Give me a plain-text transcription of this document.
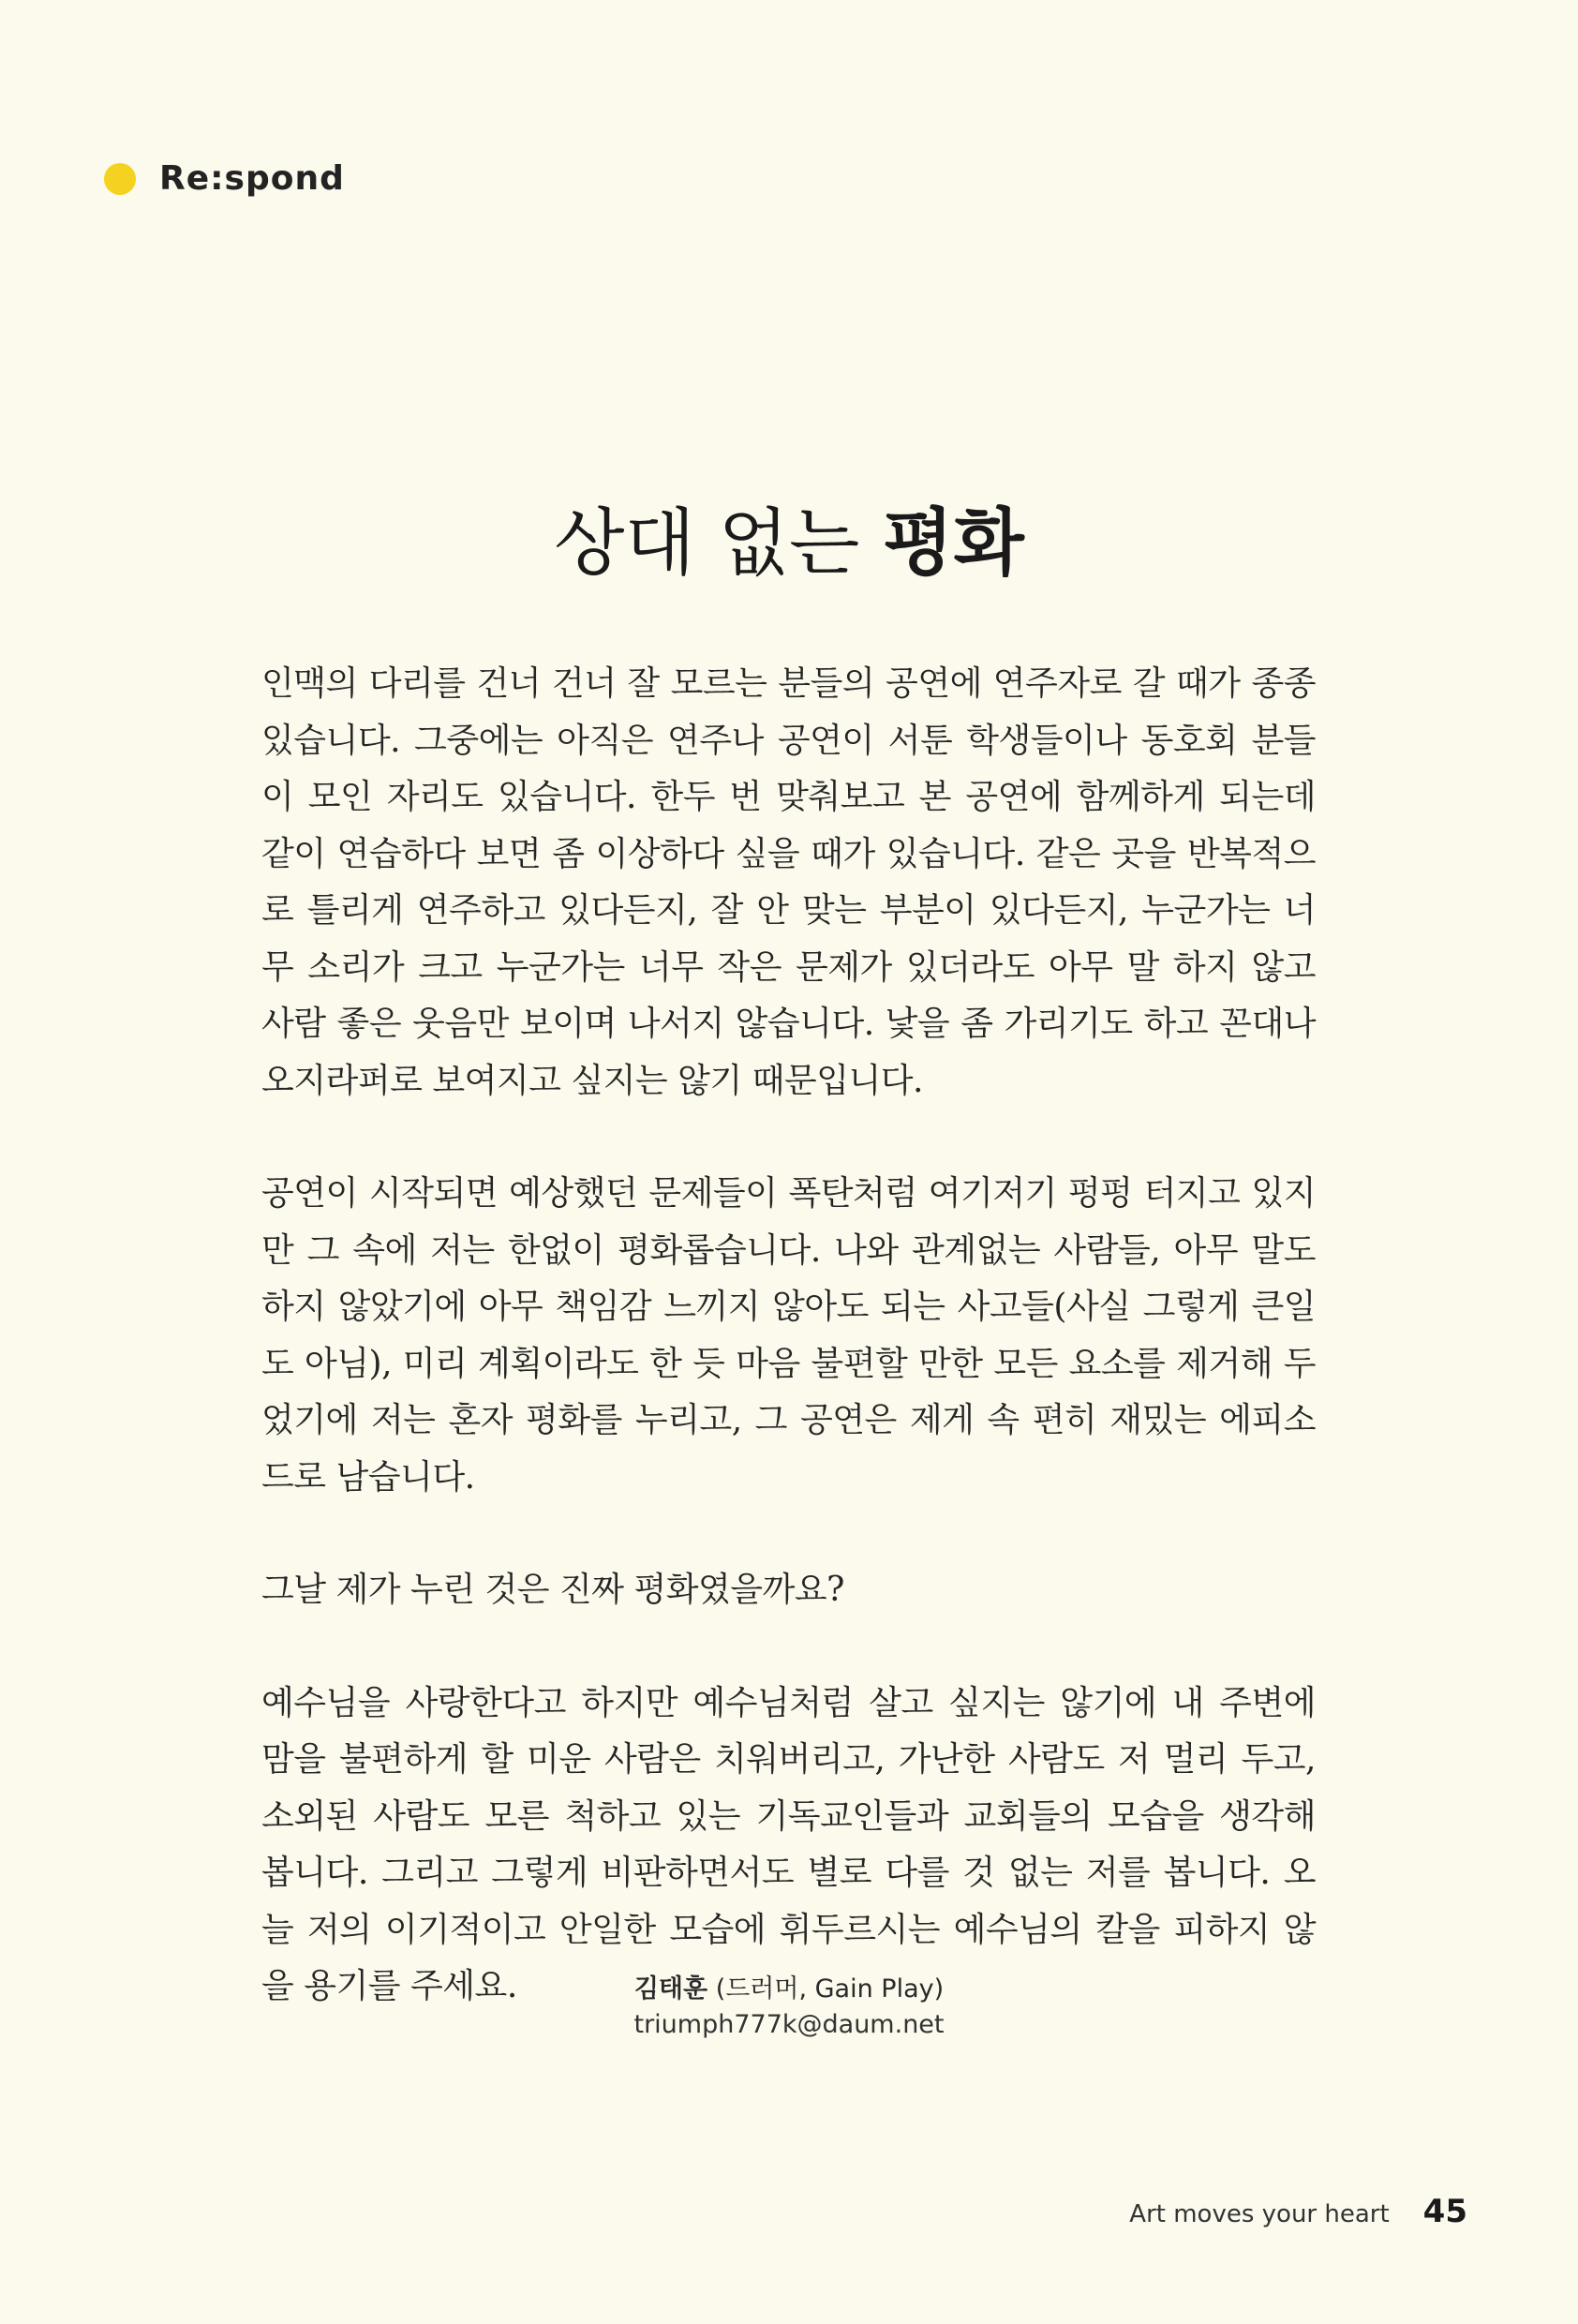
Re:spond
상대 없는 평화

인맥의 다리를 건너 건너 잘 모르는 분들의 공연에 연주자로 갈 때가 종종 있습니다. 그중에는 아직은 연주나 공연이 서툰 학생들이나 동호회 분들이 모인 자리도 있습니다. 한두 번 맞춰보고 본 공연에 함께하게 되는데 같이 연습하다 보면 좀 이상하다 싶을 때가 있습니다. 같은 곳을 반복적으로 틀리게 연주하고 있다든지, 잘 안 맞는 부분이 있다든지, 누군가는 너무 소리가 크고 누군가는 너무 작은 문제가 있더라도 아무 말 하지 않고 사람 좋은 웃음만 보이며 나서지 않습니다. 낯을 좀 가리기도 하고 꼰대나 오지라퍼로 보여지고 싶지는 않기 때문입니다.

공연이 시작되면 예상했던 문제들이 폭탄처럼 여기저기 펑펑 터지고 있지만 그 속에 저는 한없이 평화롭습니다. 나와 관계없는 사람들, 아무 말도 하지 않았기에 아무 책임감 느끼지 않아도 되는 사고들(사실 그렇게 큰일도 아님), 미리 계획이라도 한 듯 마음 불편할 만한 모든 요소를 제거해 두었기에 저는 혼자 평화를 누리고, 그 공연은 제게 속 편히 재밌는 에피소드로 남습니다.

그날 제가 누린 것은 진짜 평화였을까요?

예수님을 사랑한다고 하지만 예수님처럼 살고 싶지는 않기에 내 주변에 맘을 불편하게 할 미운 사람은 치워버리고, 가난한 사람도 저 멀리 두고, 소외된 사람도 모른 척하고 있는 기독교인들과 교회들의 모습을 생각해 봅니다. 그리고 그렇게 비판하면서도 별로 다를 것 없는 저를 봅니다. 오늘 저의 이기적이고 안일한 모습에 휘두르시는 예수님의 칼을 피하지 않을 용기를 주세요.	김태훈 (드러머, Gain Play)
triumph777k@daum.net
Art moves your heart 45
